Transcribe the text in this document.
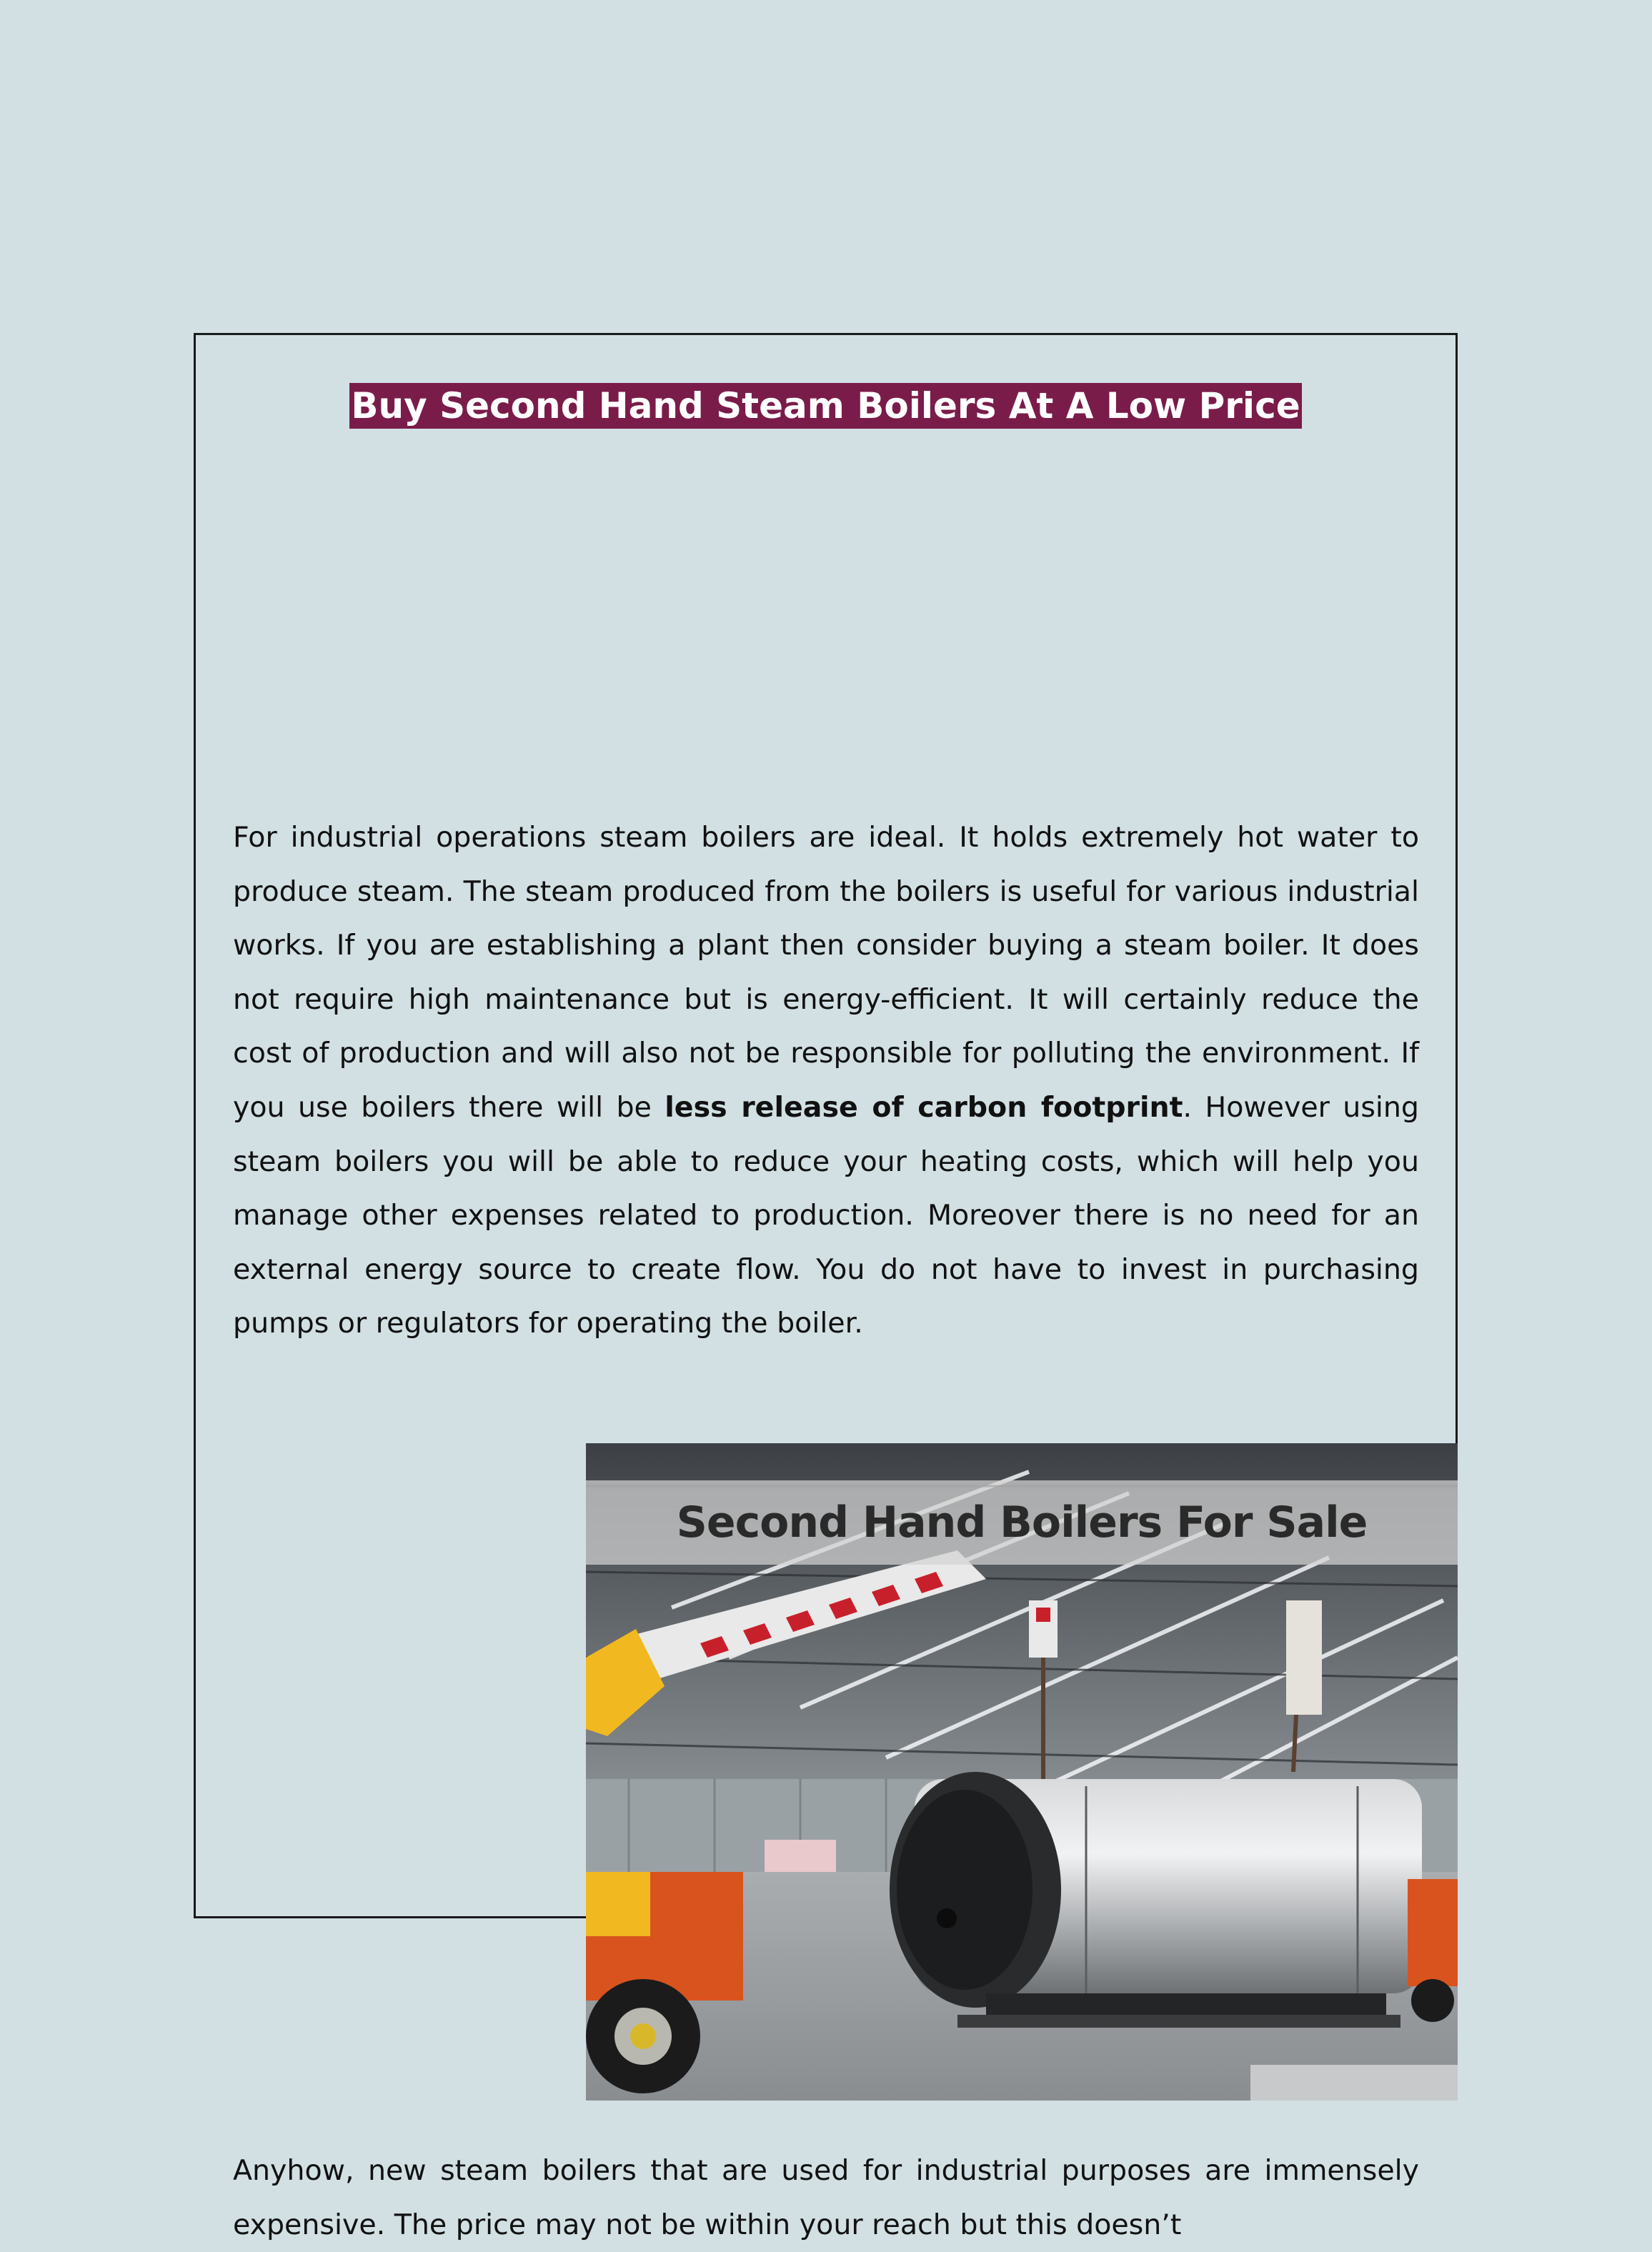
Buy Second Hand Steam Boilers At A Low Price

For industrial operations steam boilers are ideal. It holds extremely hot water to produce steam. The steam produced from the boilers is useful for various industrial works. If you are establishing a plant then consider buying a steam boiler. It does not require high maintenance but is energy-efficient. It will certainly reduce the cost of production and will also not be responsible for polluting the environment. If you use boilers there will be less release of carbon footprint. However using steam boilers you will be able to reduce your heating costs, which will help you manage other expenses related to production. Moreover there is no need for an external energy source to create flow. You do not have to invest in purchasing pumps or regulators for operating the boiler.

Second Hand Boilers For Sale

Anyhow, new steam boilers that are used for industrial purposes are immensely expensive. The price may not be within your reach but this doesn’t
